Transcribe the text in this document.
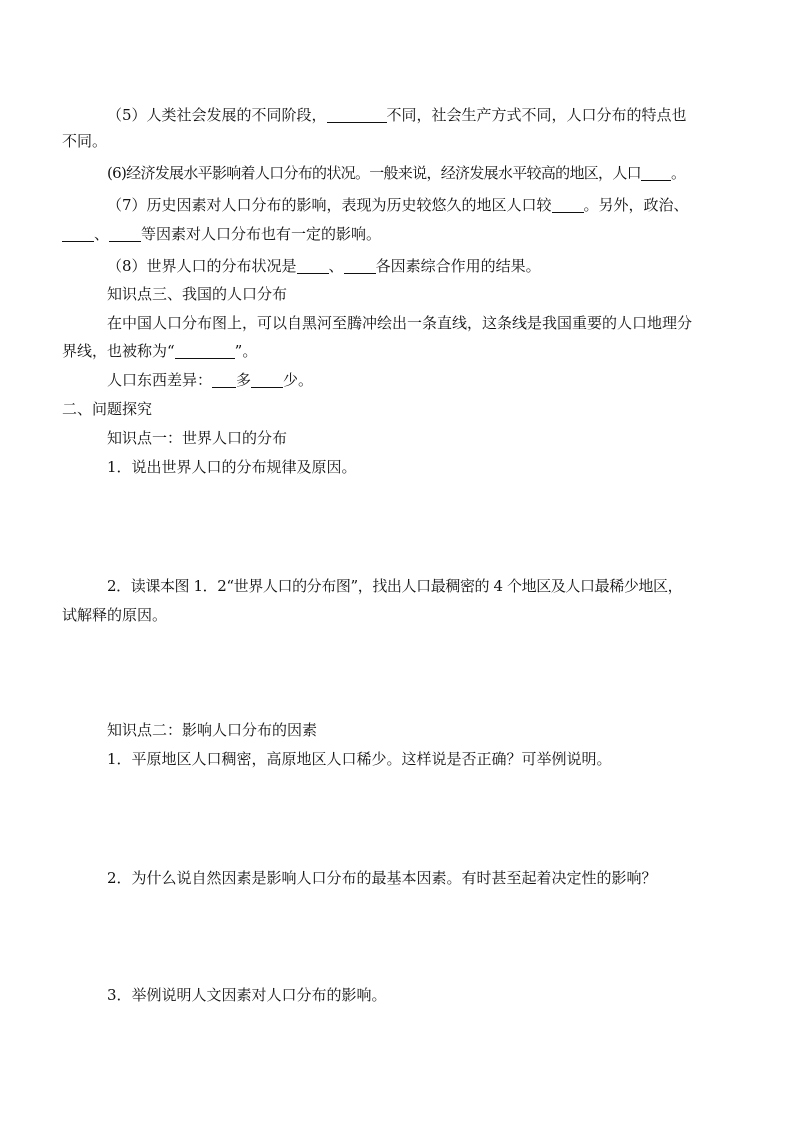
（5）人类社会发展的不同阶段，	不同，社会生产方式不同，人口分布的特点也
不同。
(6)经济发展水平影响着人口分布的状况。一般来说，经济发展水平较高的地区，人口 。
（7）历史因素对人口分布的影响，表现为历史较悠久的地区人口较 。另外，政治、
、 等因素对人口分布也有一定的影响。
（8）世界人口的分布状况是 、 各因素综合作用的结果。
知识点三、我国的人口分布
在中国人口分布图上，可以自黑河至腾冲绘出一条直线，这条线是我国重要的人口地理分
界线，也被称为“	”。
人口东西差异： 多 少。
二、问题探究
知识点一：世界人口的分布
1．说出世界人口的分布规律及原因。
2．读课本图 1．2“世界人口的分布图”，找出人口最稠密的 4 个地区及人口最稀少地区，
试解释的原因。
知识点二：影响人口分布的因素
1．平原地区人口稠密，高原地区人口稀少。这样说是否正确？可举例说明。
2．为什么说自然因素是影响人口分布的最基本因素。有时甚至起着决定性的影响？
3．举例说明人文因素对人口分布的影响。
